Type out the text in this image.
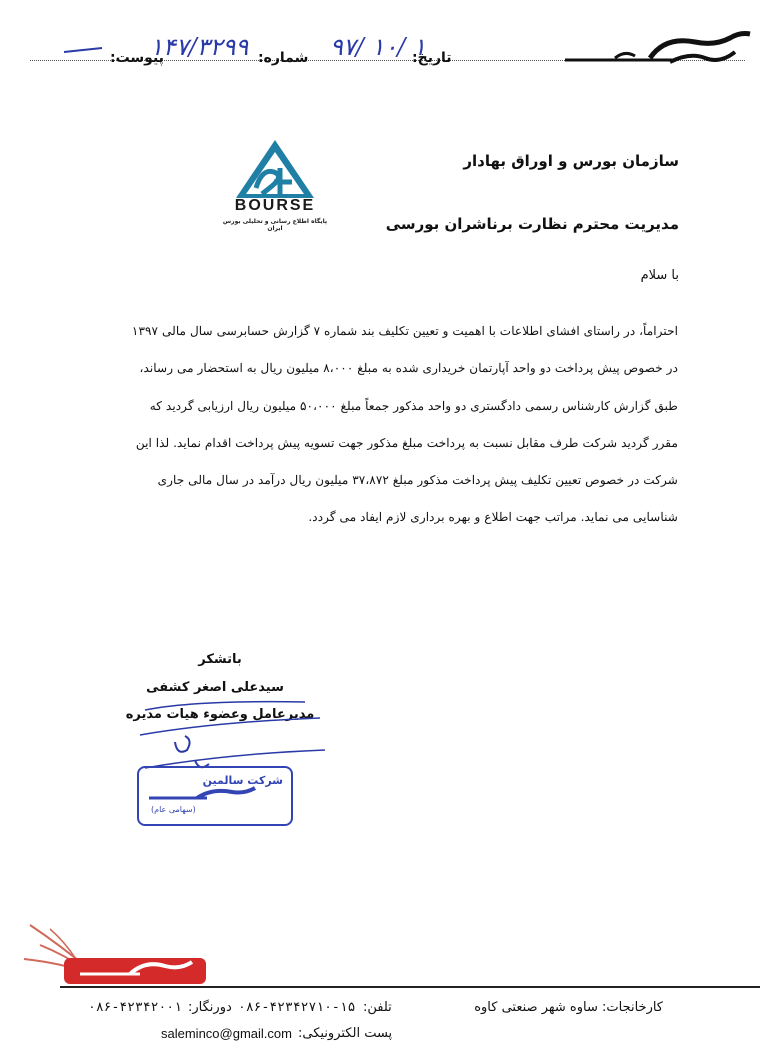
تاریخ:
۹۷/ ۱۰/ ۱
شماره:
۱۴۷/۳۲۹۹
پیوست:
BOURSE
پایگاه اطلاع رسانی و تحلیلی بورس ایران
سازمان بورس و اوراق بهادار
مدیریت محترم نظارت برناشران بورسی
با سلام
احتراماً، در راستای افشای اطلاعات با اهمیت و تعیین تکلیف بند شماره ۷ گزارش حسابرسی سال مالی ۱۳۹۷
در خصوص پیش پرداخت دو واحد آپارتمان خریداری شده به مبلغ ۸،۰۰۰ میلیون ریال به استحضار می رساند،
طبق گزارش کارشناس رسمی دادگستری دو واحد مذکور جمعاً مبلغ ۵۰،۰۰۰ میلیون ریال ارزیابی گردید که
مقرر گردید شرکت طرف مقابل نسبت به پرداخت مبلغ مذکور جهت تسویه پیش پرداخت اقدام نماید. لذا این
شرکت در خصوص تعیین تکلیف پیش پرداخت مذکور مبلغ ۳۷،۸۷۲ میلیون ریال درآمد در سال مالی جاری
شناسایی می نماید. مراتب جهت اطلاع و بهره برداری لازم ایفاد می گردد.
باتشکر
سیدعلی اصغر کشفی
مدیرعامل وعضوء هیات مدیره
شرکت سالمین
(سهامی عام)
کارخانجات: ساوه شهر صنعتی کاوه
تلفن:
۰۸۶-۴۲۳۴۲۷۱۰-۱۵
دورنگار:
۰۸۶-۴۲۳۴۲۰۰۱
پست الکترونیکی:
saleminco@gmail.com
